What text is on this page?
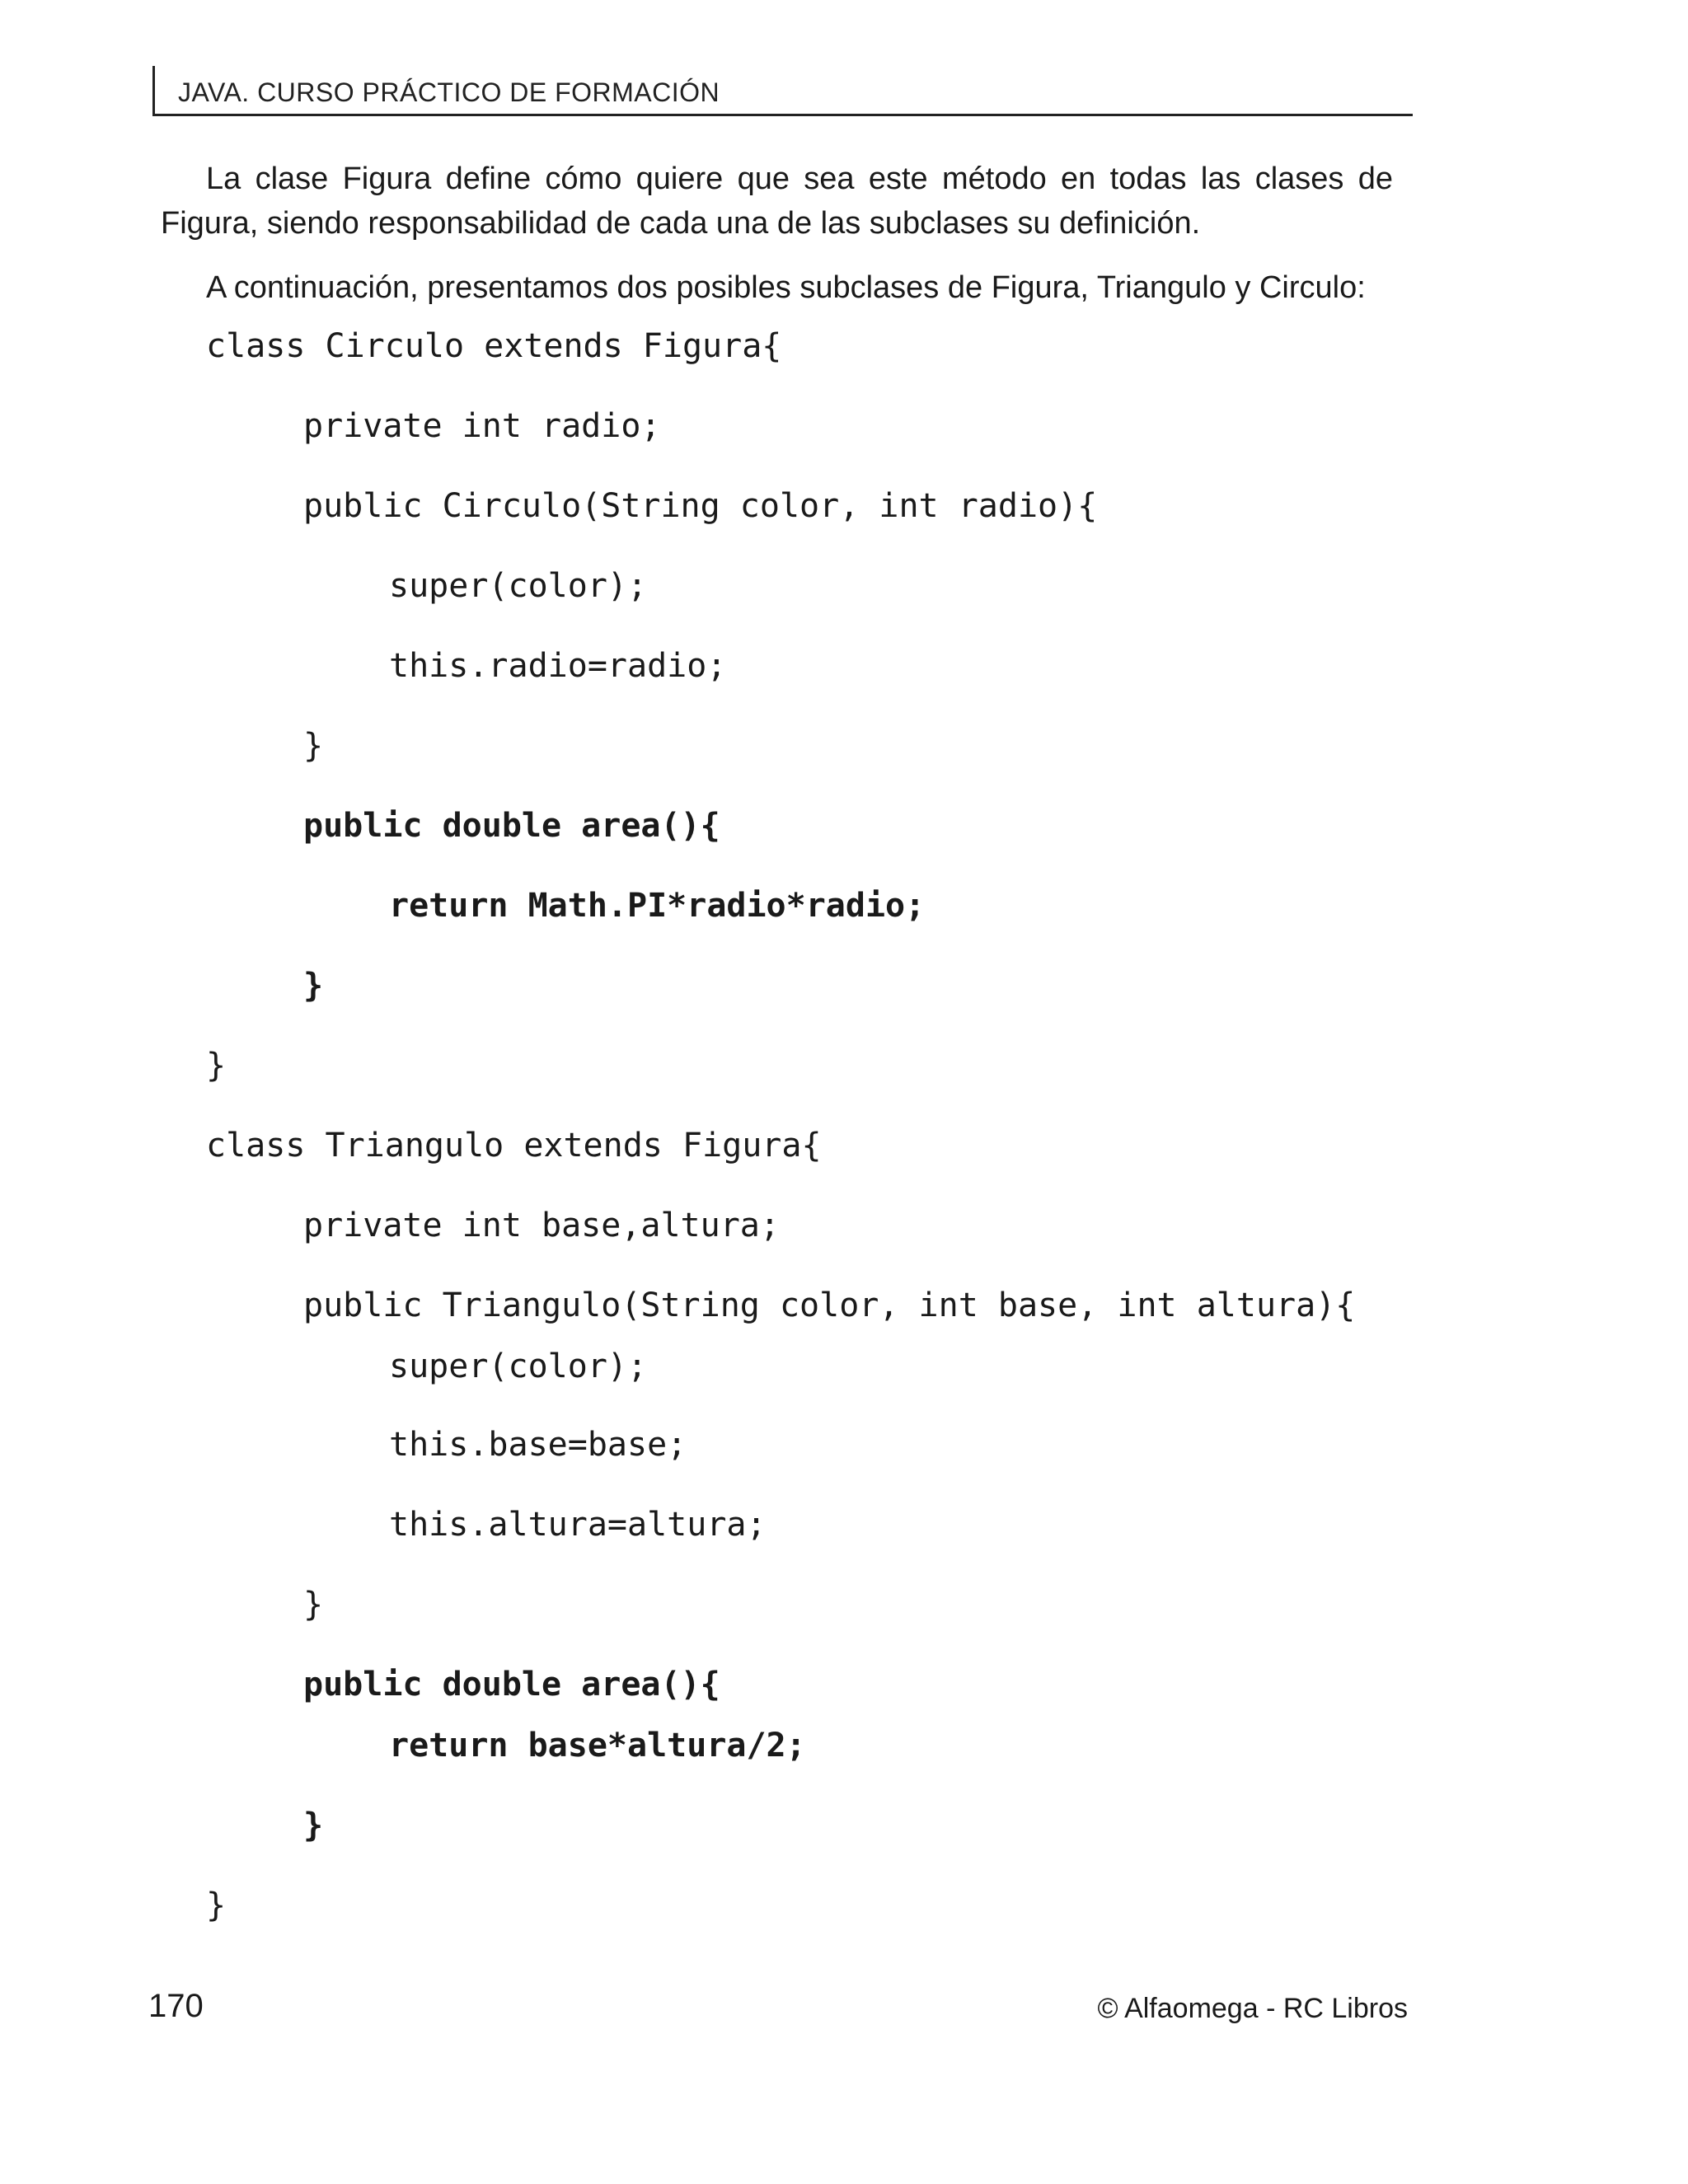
JAVA. CURSO PRÁCTICO DE FORMACIÓN
La clase Figura define cómo quiere que sea este método en todas las clases de Figura, siendo responsabilidad de cada una de las subclases su definición.
A continuación, presentamos dos posibles subclases de Figura, Triangulo y Circulo:
class Circulo extends Figura{
private int radio;
public Circulo(String color, int radio){
super(color);
this.radio=radio;
}
public double area(){
return Math.PI*radio*radio;
}
}
class Triangulo extends Figura{
private int base,altura;
public Triangulo(String color, int base, int altura){
super(color);
this.base=base;
this.altura=altura;
}
public double area(){
return base*altura/2;
}
}
170	© Alfaomega - RC Libros
